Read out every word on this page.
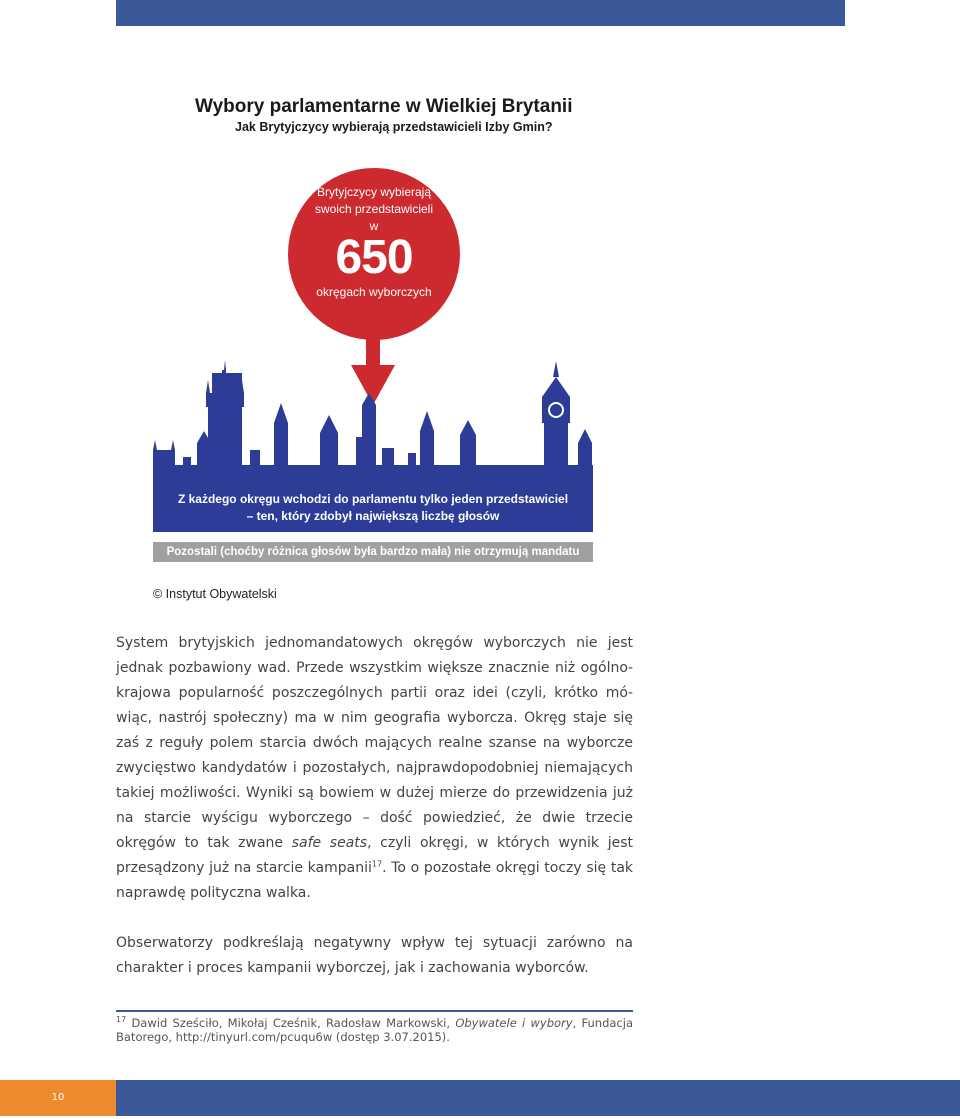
Wybory parlamentarne w Wielkiej Brytanii
Jak Brytyjczycy wybierają przedstawicieli Izby Gmin?
Brytyjczycy wybierają swoich przedstawicieli w
650
okręgach wyborczych
Z każdego okręgu wchodzi do parlamentu tylko jeden przedstawiciel
– ten, który zdobył największą liczbę głosów
Pozostali (choćby różnica głosów była bardzo mała) nie otrzymują mandatu
© Instytut Obywatelski

System brytyjskich jednomandatowych okręgów wyborczych nie jest jednak pozbawiony wad. Przede wszystkim większe znacznie niż ogólnokrajowa popularność poszczególnych partii oraz idei (czyli, krótko mówiąc, nastrój społeczny) ma w nim geografia wyborcza. Okręg staje się zaś z reguły polem starcia dwóch mających realne szanse na wyborcze zwycięstwo kandydatów i pozostałych, najprawdopodobniej niemających takiej możliwości. Wyniki są bowiem w dużej mierze do przewidzenia już na starcie wyścigu wyborczego – dość powiedzieć, że dwie trzecie okręgów to tak zwane safe seats, czyli okręgi, w których wynik jest przesądzony już na starcie kampanii$^{17}$. To o pozostałe okręgi toczy się tak naprawdę polityczna walka.

Obserwatorzy podkreślają negatywny wpływ tej sytuacji zarówno na charakter i proces kampanii wyborczej, jak i zachowania wyborców.

$^{17}$ Dawid Sześciło, Mikołaj Cześnik, Radosław Markowski, Obywatele i wybory, Fundacja Batorego, http://tinyurl.com/pcuqu6w (dostęp 3.07.2015).
10
